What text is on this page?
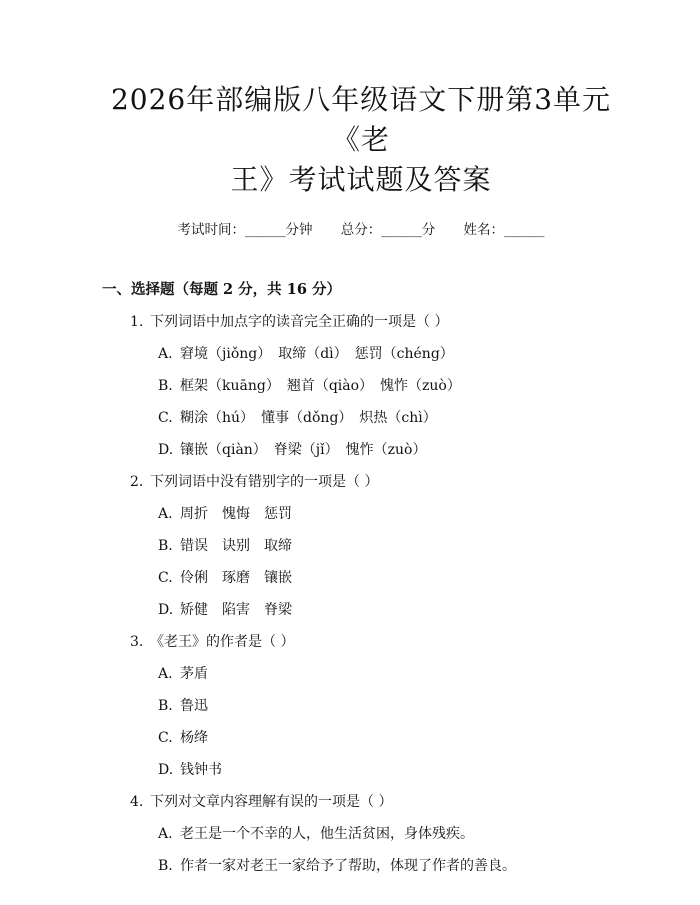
2026年部编版八年级语文下册第3单元《老
王》考试试题及答案
考试时间：______分钟 总分：______分 姓名：______
一、选择题（每题 2 分，共 16 分）
1. 下列词语中加点字的读音完全正确的一项是（ ）
A. 窘境（jiǒng）　取缔（dì）　惩罚（chéng）
B. 框架（kuāng）　翘首（qiào）　愧怍（zuò）
C. 糊涂（hú）　懂事（dǒng）　炽热（chì）
D. 镶嵌（qiàn）　脊梁（jǐ）　愧怍（zuò）
2. 下列词语中没有错别字的一项是（ ）
A. 周折　愧悔　惩罚
B. 错误　诀别　取缔
C. 伶俐　琢磨　镶嵌
D. 矫健　陷害　脊梁
3. 《老王》的作者是（ ）
A. 茅盾
B. 鲁迅
C. 杨绛
D. 钱钟书
4. 下列对文章内容理解有误的一项是（ ）
A. 老王是一个不幸的人，他生活贫困，身体残疾。
B. 作者一家对老王一家给予了帮助，体现了作者的善良。
